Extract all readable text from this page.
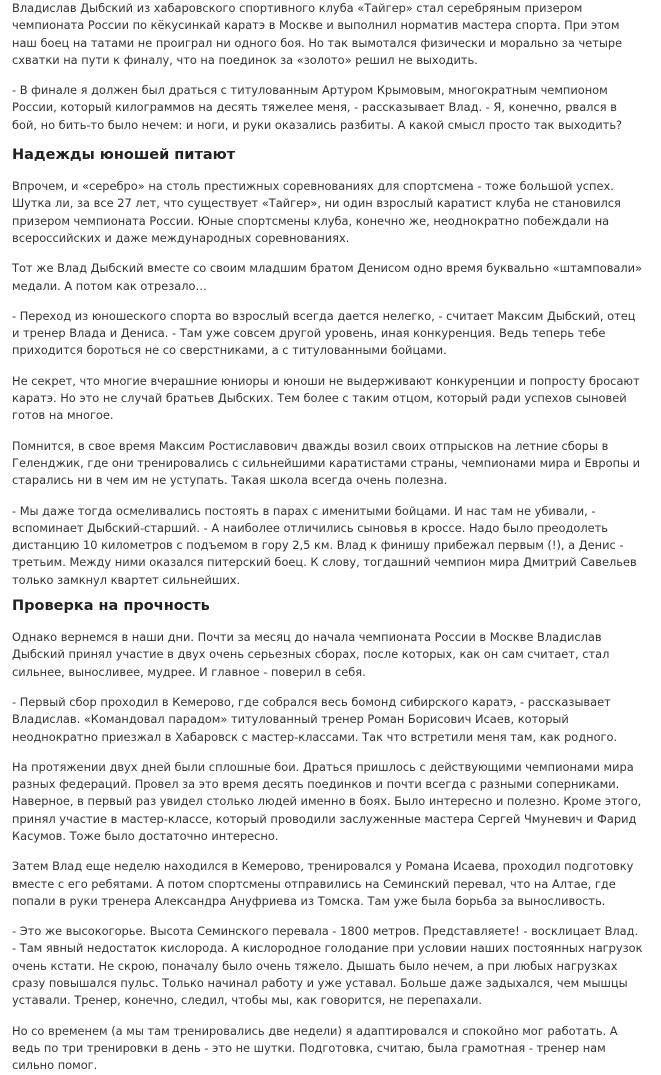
Владислав Дыбский из хабаровского спортивного клуба «Тайгер» стал серебряным призером чемпионата России по кёкусинкай каратэ в Москве и выполнил норматив мастера спорта. При этом наш боец на татами не проиграл ни одного боя. Но так вымотался физически и морально за четыре схватки на пути к финалу, что на поединок за «золото» решил не выходить.

- В финале я должен был драться с титулованным Артуром Крымовым, многократным чемпионом России, который килограммов на десять тяжелее меня, - рассказывает Влад. - Я, конечно, рвался в бой, но бить-то было нечем: и ноги, и руки оказались разбиты. А какой смысл просто так выходить?

Надежды юношей питают

Впрочем, и «серебро» на столь престижных соревнованиях для спортсмена - тоже большой успех. Шутка ли, за все 27 лет, что существует «Тайгер», ни один взрослый каратист клуба не становился призером чемпионата России. Юные спортсмены клуба, конечно же, неоднократно побеждали на всероссийских и даже международных соревнованиях.

Тот же Влад Дыбский вместе со своим младшим братом Денисом одно время буквально «штамповали» медали. А потом как отрезало…

- Переход из юношеского спорта во взрослый всегда дается нелегко, - считает Максим Дыбский, отец и тренер Влада и Дениса. - Там уже совсем другой уровень, иная конкуренция. Ведь теперь тебе приходится бороться не со сверстниками, а с титулованными бойцами.

Не секрет, что многие вчерашние юниоры и юноши не выдерживают конкуренции и попросту бросают каратэ. Но это не случай братьев Дыбских. Тем более с таким отцом, который ради успехов сыновей готов на многое.

Помнится, в свое время Максим Ростиславович дважды возил своих отпрысков на летние сборы в Геленджик, где они тренировались с сильнейшими каратистами страны, чемпионами мира и Европы и старались ни в чем им не уступать. Такая школа всегда очень полезна.

- Мы даже тогда осмеливались постоять в парах с именитыми бойцами. И нас там не убивали, - вспоминает Дыбский-старший. - А наиболее отличились сыновья в кроссе. Надо было преодолеть дистанцию 10 километров с подъемом в гору 2,5 км. Влад к финишу прибежал первым (!), а Денис - третьим. Между ними оказался питерский боец. К слову, тогдашний чемпион мира Дмитрий Савельев только замкнул квартет сильнейших.

Проверка на прочность

Однако вернемся в наши дни. Почти за месяц до начала чемпионата России в Москве Владислав Дыбский принял участие в двух очень серьезных сборах, после которых, как он сам считает, стал сильнее, выносливее, мудрее. И главное - поверил в себя.

- Первый сбор проходил в Кемерово, где собрался весь бомонд сибирского каратэ, - рассказывает Владислав. «Командовал парадом» титулованный тренер Роман Борисович Исаев, который неоднократно приезжал в Хабаровск с мастер-классами. Так что встретили меня там, как родного.

На протяжении двух дней были сплошные бои. Драться пришлось с действующими чемпионами мира разных федераций. Провел за это время десять поединков и почти всегда с разными соперниками. Наверное, в первый раз увидел столько людей именно в боях. Было интересно и полезно. Кроме этого, принял участие в мастер-классе, который проводили заслуженные мастера Сергей Чмуневич и Фарид Касумов. Тоже было достаточно интересно.

Затем Влад еще неделю находился в Кемерово, тренировался у Романа Исаева, проходил подготовку вместе с его ребятами. А потом спортсмены отправились на Семинский перевал, что на Алтае, где попали в руки тренера Александра Ануфриева из Томска. Там уже была борьба за выносливость.

- Это же высокогорье. Высота Семинского перевала - 1800 метров. Представляете! - восклицает Влад. - Там явный недостаток кислорода. А кислородное голодание при условии наших постоянных нагрузок очень кстати. Не скрою, поначалу было очень тяжело. Дышать было нечем, а при любых нагрузках сразу повышался пульс. Только начинал работу и уже уставал. Больше даже задыхался, чем мышцы уставали. Тренер, конечно, следил, чтобы мы, как говорится, не перепахали.

Но со временем (а мы там тренировались две недели) я адаптировался и спокойно мог работать. А ведь по три тренировки в день - это не шутки. Подготовка, считаю, была грамотная - тренер нам сильно помог.
